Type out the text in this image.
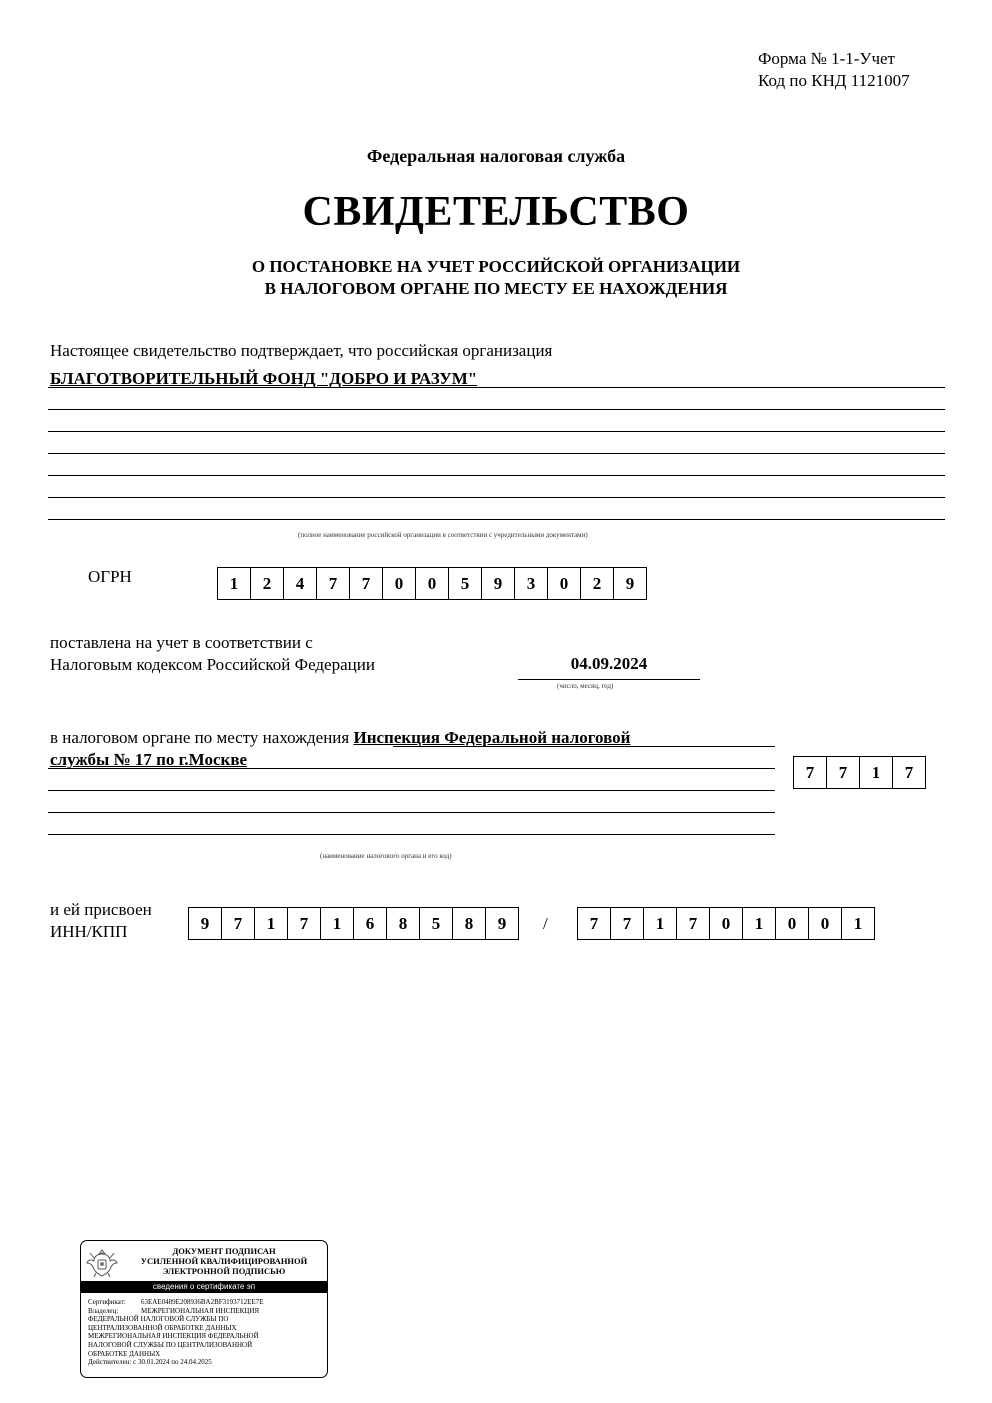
Форма № 1-1-Учет
Код по КНД 1121007
Федеральная налоговая служба
СВИДЕТЕЛЬСТВО
О ПОСТАНОВКЕ НА УЧЕТ РОССИЙСКОЙ ОРГАНИЗАЦИИ
В НАЛОГОВОМ ОРГАНЕ ПО МЕСТУ ЕЕ НАХОЖДЕНИЯ
Настоящее свидетельство подтверждает, что российская организация
БЛАГОТВОРИТЕЛЬНЫЙ ФОНД "ДОБРО И РАЗУМ"
(полное наименование российской организации в соответствии с учредительными документами)
ОГРН	1	2	4	7	7	0	0	5	9	3	0	2	9
поставлена на учет в соответствии с
Налоговым кодексом Российской Федерации	04.09.2024
(число, месяц, год)
в налоговом органе по месту нахождения Инспекция Федеральной налоговой
службы № 17 по г.Москве
7	7	1	7
(наименование налогового органа и его код)
и ей присвоен
ИНН/КПП	9	7	1	7	1	6	8	5	8	9	/	7	7	1	7	0	1	0	0	1
ДОКУМЕНТ ПОДПИСАН
УСИЛЕННОЙ КВАЛИФИЦИРОВАННОЙ
ЭЛЕКТРОННОЙ ПОДПИСЬЮ
сведения о сертификате эп
Сертификат: 63EAE0489E208936BA2BF3193712EE7E
Владелец:	МЕЖРЕГИОНАЛЬНАЯ ИНСПЕКЦИЯ
ФЕДЕРАЛЬНОЙ НАЛОГОВОЙ СЛУЖБЫ ПО
ЦЕНТРАЛИЗОВАННОЙ ОБРАБОТКЕ ДАННЫХ
МЕЖРЕГИОНАЛЬНАЯ ИНСПЕКЦИЯ ФЕДЕРАЛЬНОЙ
НАЛОГОВОЙ СЛУЖБЫ ПО ЦЕНТРАЛИЗОВАННОЙ
ОБРАБОТКЕ ДАННЫХ
Действителен: с 30.01.2024 по 24.04.2025
